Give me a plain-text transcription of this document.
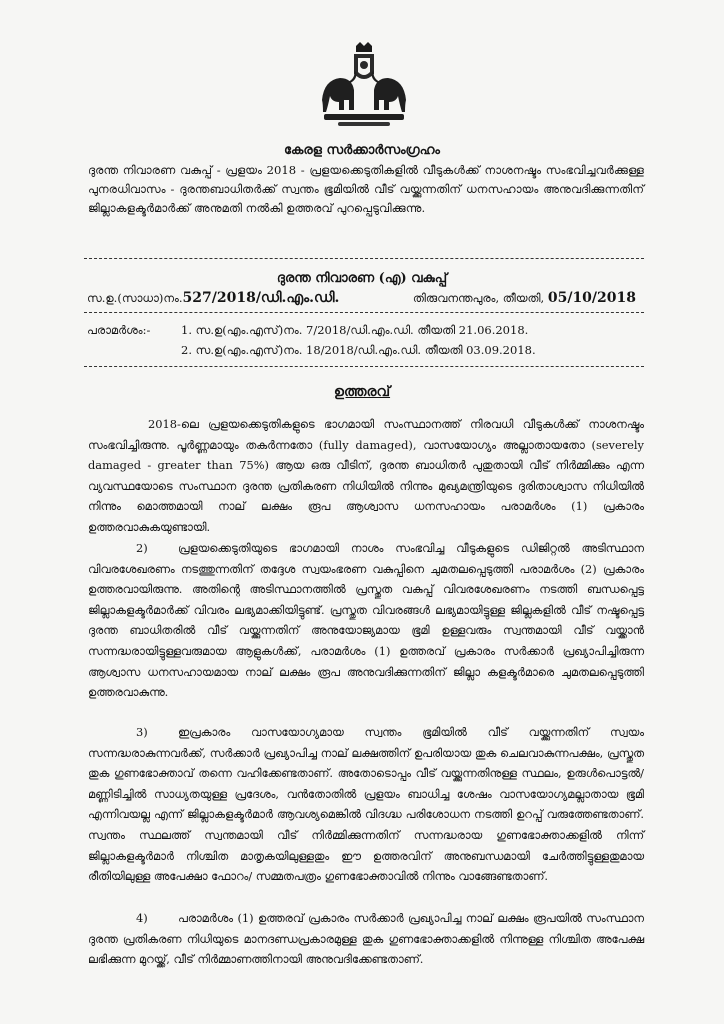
കേരള സർക്കാർസംഗ്രഹം
ദുരന്ത നിവാരണ വകുപ്പ് - പ്രളയം 2018 - പ്രളയക്കെടുതികളിൽ വീടുകൾക്ക് നാശനഷ്ടം സംഭവിച്ചവർക്കുള്ള പുനരധിവാസം - ദുരന്തബാധിതർക്ക് സ്വന്തം ഭൂമിയിൽ വീട് വയ്ക്കുന്നതിന് ധനസഹായം അനുവദിക്കുന്നതിന് ജില്ലാകളക്ടർമാർക്ക് അനുമതി നൽകി ഉത്തരവ് പുറപ്പെടുവിക്കുന്നു.
ദുരന്ത നിവാരണ (എ) വകുപ്പ്
സ.ഉ.(സാധാ)നം.527/2018/ഡി.എം.ഡി.	തിരുവനന്തപുരം, തീയതി, 05/10/2018
പരാമർശം:-	1. സ.ഉ(എം.എസ്)നം. 7/2018/ഡി.എം.ഡി. തീയതി 21.06.2018.
2. സ.ഉ(എം.എസ്)നം. 18/2018/ഡി.എം.ഡി. തീയതി 03.09.2018.
ഉത്തരവ്
2018-ലെ പ്രളയക്കെടുതികളുടെ ഭാഗമായി സംസ്ഥാനത്ത് നിരവധി വീടുകൾക്ക് നാശനഷ്ടം സംഭവിച്ചിരുന്നു. പൂർണ്ണമായും തകർന്നതോ (fully damaged), വാസയോഗ്യം അല്ലാതായതോ (severely damaged - greater than 75%) ആയ ഒരു വീടിന്, ദുരന്ത ബാധിതർ പുതുതായി വീട് നിർമ്മിക്കും എന്ന വ്യവസ്ഥയോടെ സംസ്ഥാന ദുരന്ത പ്രതികരണ നിധിയിൽ നിന്നും മുഖ്യമന്ത്രിയുടെ ദുരിതാശ്വാസ നിധിയിൽ നിന്നും മൊത്തമായി നാല് ലക്ഷം രൂപ ആശ്വാസ ധനസഹായം പരാമർശം (1) പ്രകാരം ഉത്തരവാകുകയുണ്ടായി.
2)	പ്രളയക്കെടുതിയുടെ ഭാഗമായി നാശം സംഭവിച്ച വീടുകളുടെ ഡിജിറ്റൽ അടിസ്ഥാന വിവരശേഖരണം നടത്തുന്നതിന് തദ്ദേശ സ്വയംഭരണ വകുപ്പിനെ ചുമതലപ്പെടുത്തി പരാമർശം (2) പ്രകാരം ഉത്തരവായിരുന്നു. അതിന്റെ അടിസ്ഥാനത്തിൽ പ്രസ്തുത വകുപ്പ് വിവരശേഖരണം നടത്തി ബന്ധപ്പെട്ട ജില്ലാകളക്ടർമാർക്ക് വിവരം ലഭ്യമാക്കിയിട്ടുണ്ട്. പ്രസ്തുത വിവരങ്ങൾ ലഭ്യമായിട്ടുള്ള ജില്ലകളിൽ വീട് നഷ്ടപ്പെട്ട ദുരന്ത ബാധിതരിൽ വീട് വയ്ക്കുന്നതിന് അനുയോജ്യമായ ഭൂമി ഉള്ളവരും സ്വന്തമായി വീട് വയ്ക്കാൻ സന്നദ്ധരായിട്ടുള്ളവരുമായ ആളുകൾക്ക്, പരാമർശം (1) ഉത്തരവ് പ്രകാരം സർക്കാർ പ്രഖ്യാപിച്ചിരുന്ന ആശ്വാസ ധനസഹായമായ നാല് ലക്ഷം രൂപ അനുവദിക്കുന്നതിന് ജില്ലാ കളക്ടർമാരെ ചുമതലപ്പെടുത്തി ഉത്തരവാകുന്നു.
3)	ഇപ്രകാരം വാസയോഗ്യമായ സ്വന്തം ഭൂമിയിൽ വീട് വയ്ക്കുന്നതിന് സ്വയം സന്നദ്ധരാകുന്നവർക്ക്, സർക്കാർ പ്രഖ്യാപിച്ച നാല് ലക്ഷത്തിന് ഉപരിയായ തുക ചെലവാകുന്നപക്ഷം, പ്രസ്തുത തുക ഗുണഭോക്താവ് തന്നെ വഹിക്കേണ്ടതാണ്. അതോടൊപ്പം വീട് വയ്ക്കുന്നതിനുള്ള സ്ഥലം, ഉരുൾപൊട്ടൽ/ മണ്ണിടിച്ചിൽ സാധ്യതയുള്ള പ്രദേശം, വൻതോതിൽ പ്രളയം ബാധിച്ച ശേഷം വാസയോഗ്യമല്ലാതായ ഭൂമി എന്നിവയല്ല എന്ന് ജില്ലാകളക്ടർമാർ ആവശ്യമെങ്കിൽ വിദഗ്ദ്ധ പരിശോധന നടത്തി ഉറപ്പ് വരുത്തേണ്ടതാണ്. സ്വന്തം സ്ഥലത്ത് സ്വന്തമായി വീട് നിർമ്മിക്കുന്നതിന് സന്നദ്ധരായ ഗുണഭോക്താക്കളിൽ നിന്ന് ജില്ലാകളക്ടർമാർ നിശ്ചിത മാതൃകയിലുള്ളതും ഈ ഉത്തരവിന് അനുബന്ധമായി ചേർത്തിട്ടുള്ളതുമായ രീതിയിലുള്ള അപേക്ഷാ ഫോറം/ സമ്മതപത്രം ഗുണഭോക്താവിൽ നിന്നും വാങ്ങേണ്ടതാണ്.
4)	പരാമർശം (1) ഉത്തരവ് പ്രകാരം സർക്കാർ പ്രഖ്യാപിച്ച നാല് ലക്ഷം രൂപയിൽ സംസ്ഥാന ദുരന്ത പ്രതികരണ നിധിയുടെ മാനദണ്ഡപ്രകാരമുള്ള തുക ഗുണഭോക്താക്കളിൽ നിന്നുള്ള നിശ്ചിത അപേക്ഷ ലഭിക്കുന്ന മുറയ്ക്ക്, വീട് നിർമ്മാണത്തിനായി അനുവദിക്കേണ്ടതാണ്.
